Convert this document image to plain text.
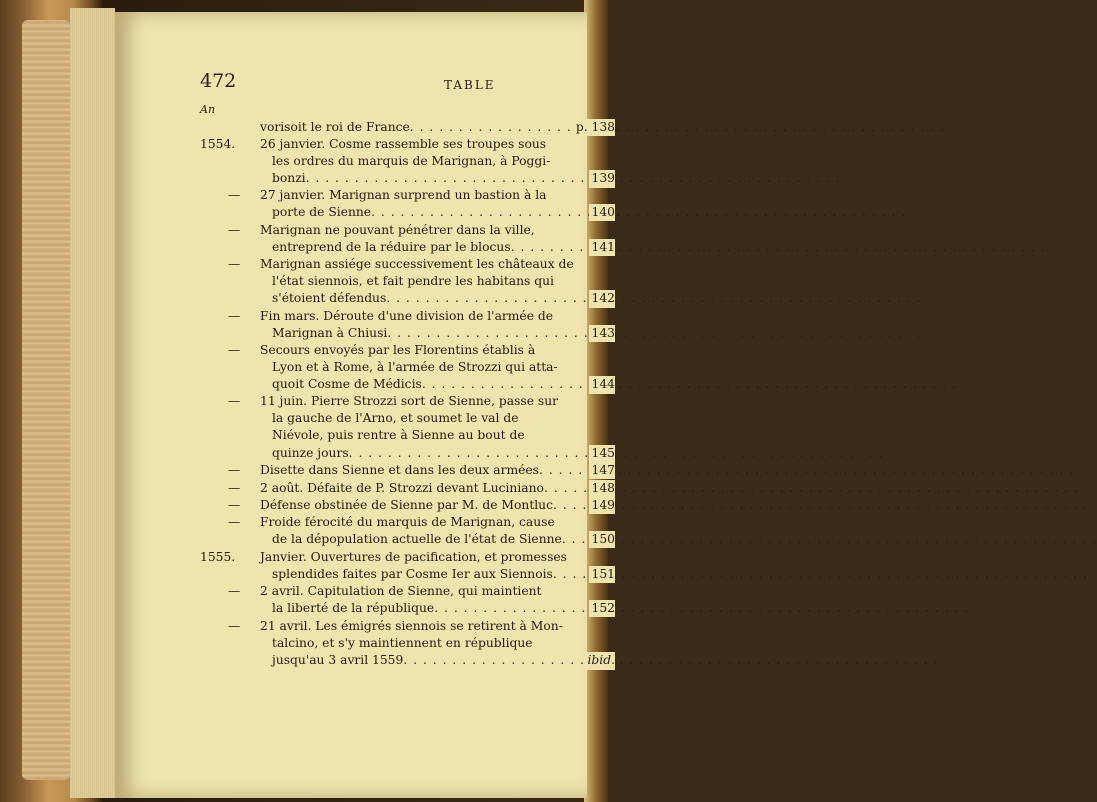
472	TABLE
An
vorisoit le roi de France . . .	p. 138
1554.	26 janvier. Cosme rassemble ses troupes sous
les ordres du marquis de Marignan, à Poggi-
bonzi . . .	139
—	27 janvier. Marignan surprend un bastion à la
porte de Sienne . . .	140
—	Marignan ne pouvant pénétrer dans la ville,
entreprend de la réduire par le blocus . . .	141
—	Marignan assiége successivement les châteaux de
l'état siennois, et fait pendre les habitans qui
s'étoient défendus . . .	142
—	Fin mars. Déroute d'une division de l'armée de
Marignan à Chiusi . . .	143
—	Secours envoyés par les Florentins établis à
Lyon et à Rome, à l'armée de Strozzi qui atta-
quoit Cosme de Médicis . . .	144
—	11 juin. Pierre Strozzi sort de Sienne, passe sur
la gauche de l'Arno, et soumet le val de
Niévole, puis rentre à Sienne au bout de
quinze jours . . .	145
—	Disette dans Sienne et dans les deux armées . . .	147
—	2 août. Défaite de P. Strozzi devant Luciniano . . .	148
—	Défense obstinée de Sienne par M. de Montluc . . .	149
—	Froide férocité du marquis de Marignan, cause
de la dépopulation actuelle de l'état de Sienne . . . 150
1555.	Janvier. Ouvertures de pacification, et promesses
splendides faites par Cosme Ier aux Siennois . . .	151
—	2 avril. Capitulation de Sienne, qui maintient
la liberté de la république . . .	152
—	21 avril. Les émigrés siennois se retirent à Mon-
talcino, et s'y maintiennent en république
jusqu'au 3 avril 1559 . . .	ibid.
